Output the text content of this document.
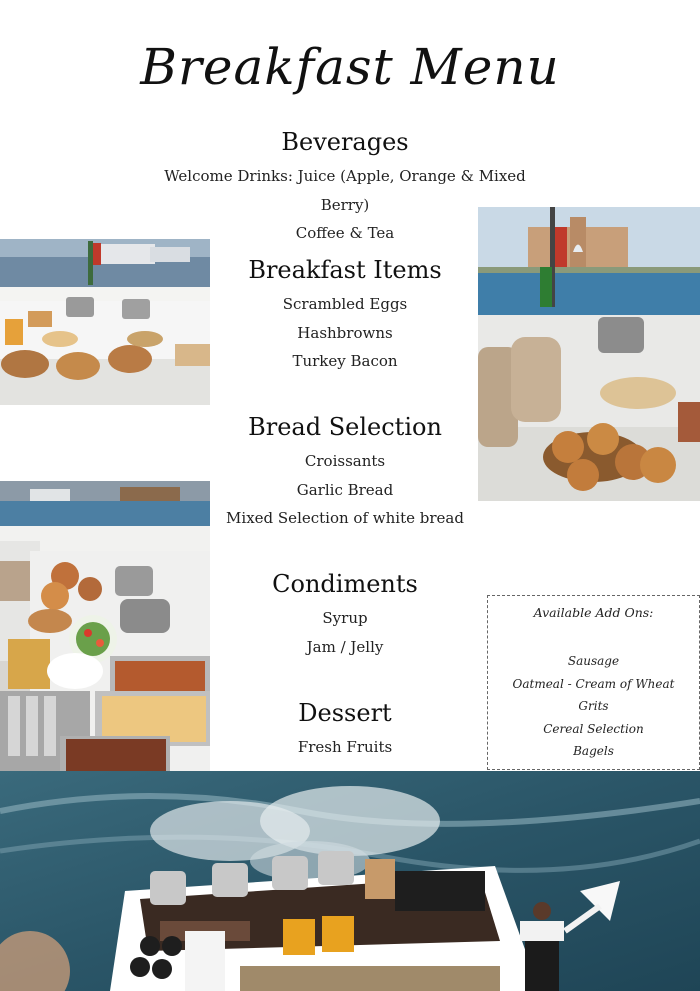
Breakfast Menu
Beverages
Welcome Drinks: Juice (Apple, Orange & Mixed Berry)
Coffee & Tea
Breakfast Items
Scrambled Eggs
Hashbrowns
Turkey Bacon
Bread Selection
Croissants
Garlic Bread
Mixed Selection of white bread
Condiments
Syrup
Jam / Jelly
Dessert
Fresh Fruits
Available Add Ons:
Sausage
Oatmeal - Cream of Wheat
Grits
Cereal Selection
Bagels
